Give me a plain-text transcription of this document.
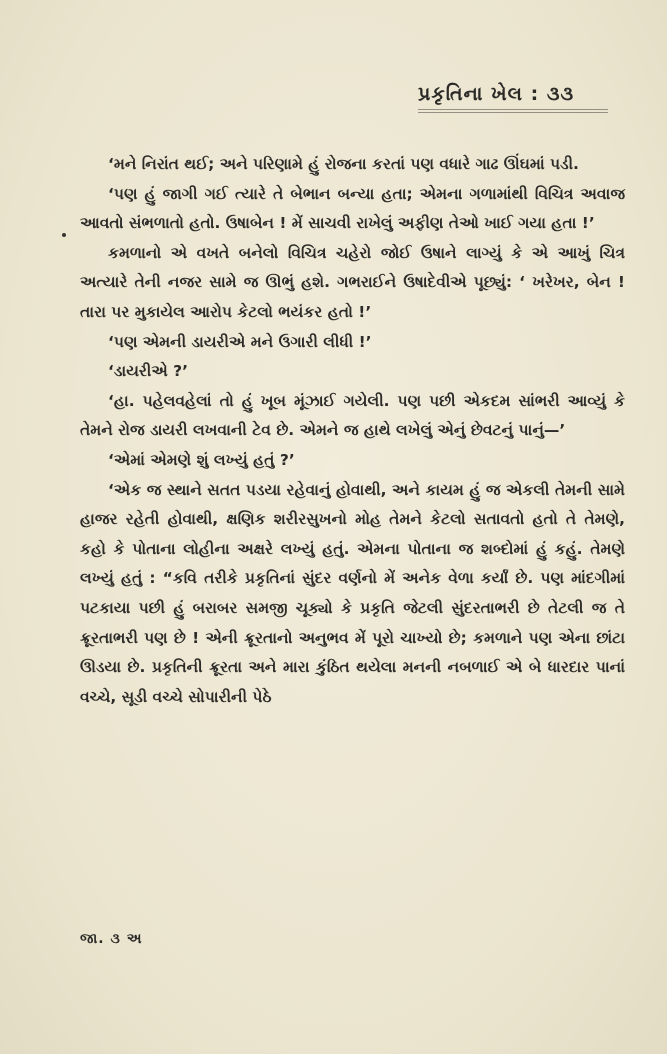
પ્રકૃતિના ખેલ : ૩૩

‘મને નિરાંત થઈ; અને પરિણામે હું રોજના કરતાં પણ વધારે ગાઢ ઊંઘમાં પડી.

‘પણ હું જાગી ગઈ ત્યારે તે બેભાન બન્યા હતા; એમના ગળામાંથી વિચિત્ર અવાજ આવતો સંભળાતો હતો. ઉષાબેન ! મેં સાચવી રાખેલું અફીણ તેઓ ખાઈ ગયા હતા !’

કમળાનો એ વખતે બનેલો વિચિત્ર ચહેરો જોઈ ઉષાને લાગ્યું કે એ આખું ચિત્ર અત્યારે તેની નજર સામે જ ઊભું હશે. ગભરાઈને ઉષાદેવીએ પૂછ્યું: ‘ ખરેખર, બેન ! તારા પર મુકાયેલ આરોપ કેટલો ભયંકર હતો !’

‘પણ એમની ડાયરીએ મને ઉગારી લીધી !’

‘ડાયરીએ ?’

‘હા. પહેલવહેલાં તો હું ખૂબ મૂંઝાઈ ગયેલી. પણ પછી એકદમ સાંભરી આવ્યું કે તેમને રોજ ડાયરી લખવાની ટેવ છે. એમને જ હાથે લખેલું એનું છેવટનું પાનું—’

‘એમાં એમણે શું લખ્યું હતું ?’

‘એક જ સ્થાને સતત પડયા રહેવાનું હોવાથી, અને કાયમ હું જ એકલી તેમની સામે હાજર રહેતી હોવાથી, ક્ષણિક શરીરસુખનો મોહ તેમને કેટલો સતાવતો હતો તે તેમણે, કહો કે પોતાના લોહીના અક્ષરે લખ્યું હતું. એમના પોતાના જ શબ્દોમાં હું કહું. તેમણે લખ્યું હતું : “કવિ તરીકે પ્રકૃતિનાં સુંદર વર્ણનો મેં અનેક વેળા કર્યાં છે. પણ માંદગીમાં પટકાયા પછી હું બરાબર સમજી ચૂક્યો કે પ્રકૃતિ જેટલી સુંદરતાભરી છે તેટલી જ તે ક્રૂરતાભરી પણ છે ! એની ક્રૂરતાનો અનુભવ મેં પૂરો ચાખ્યો છે; કમળાને પણ એના છાંટા ઊડયા છે. પ્રકૃતિની ક્રૂરતા અને મારા કુંઠિત થયેલા મનની નબળાઈ એ બે ધારદાર પાનાં વચ્ચે, સૂડી વચ્ચે સોપારીની પેઠે

જા. ૩ અ
